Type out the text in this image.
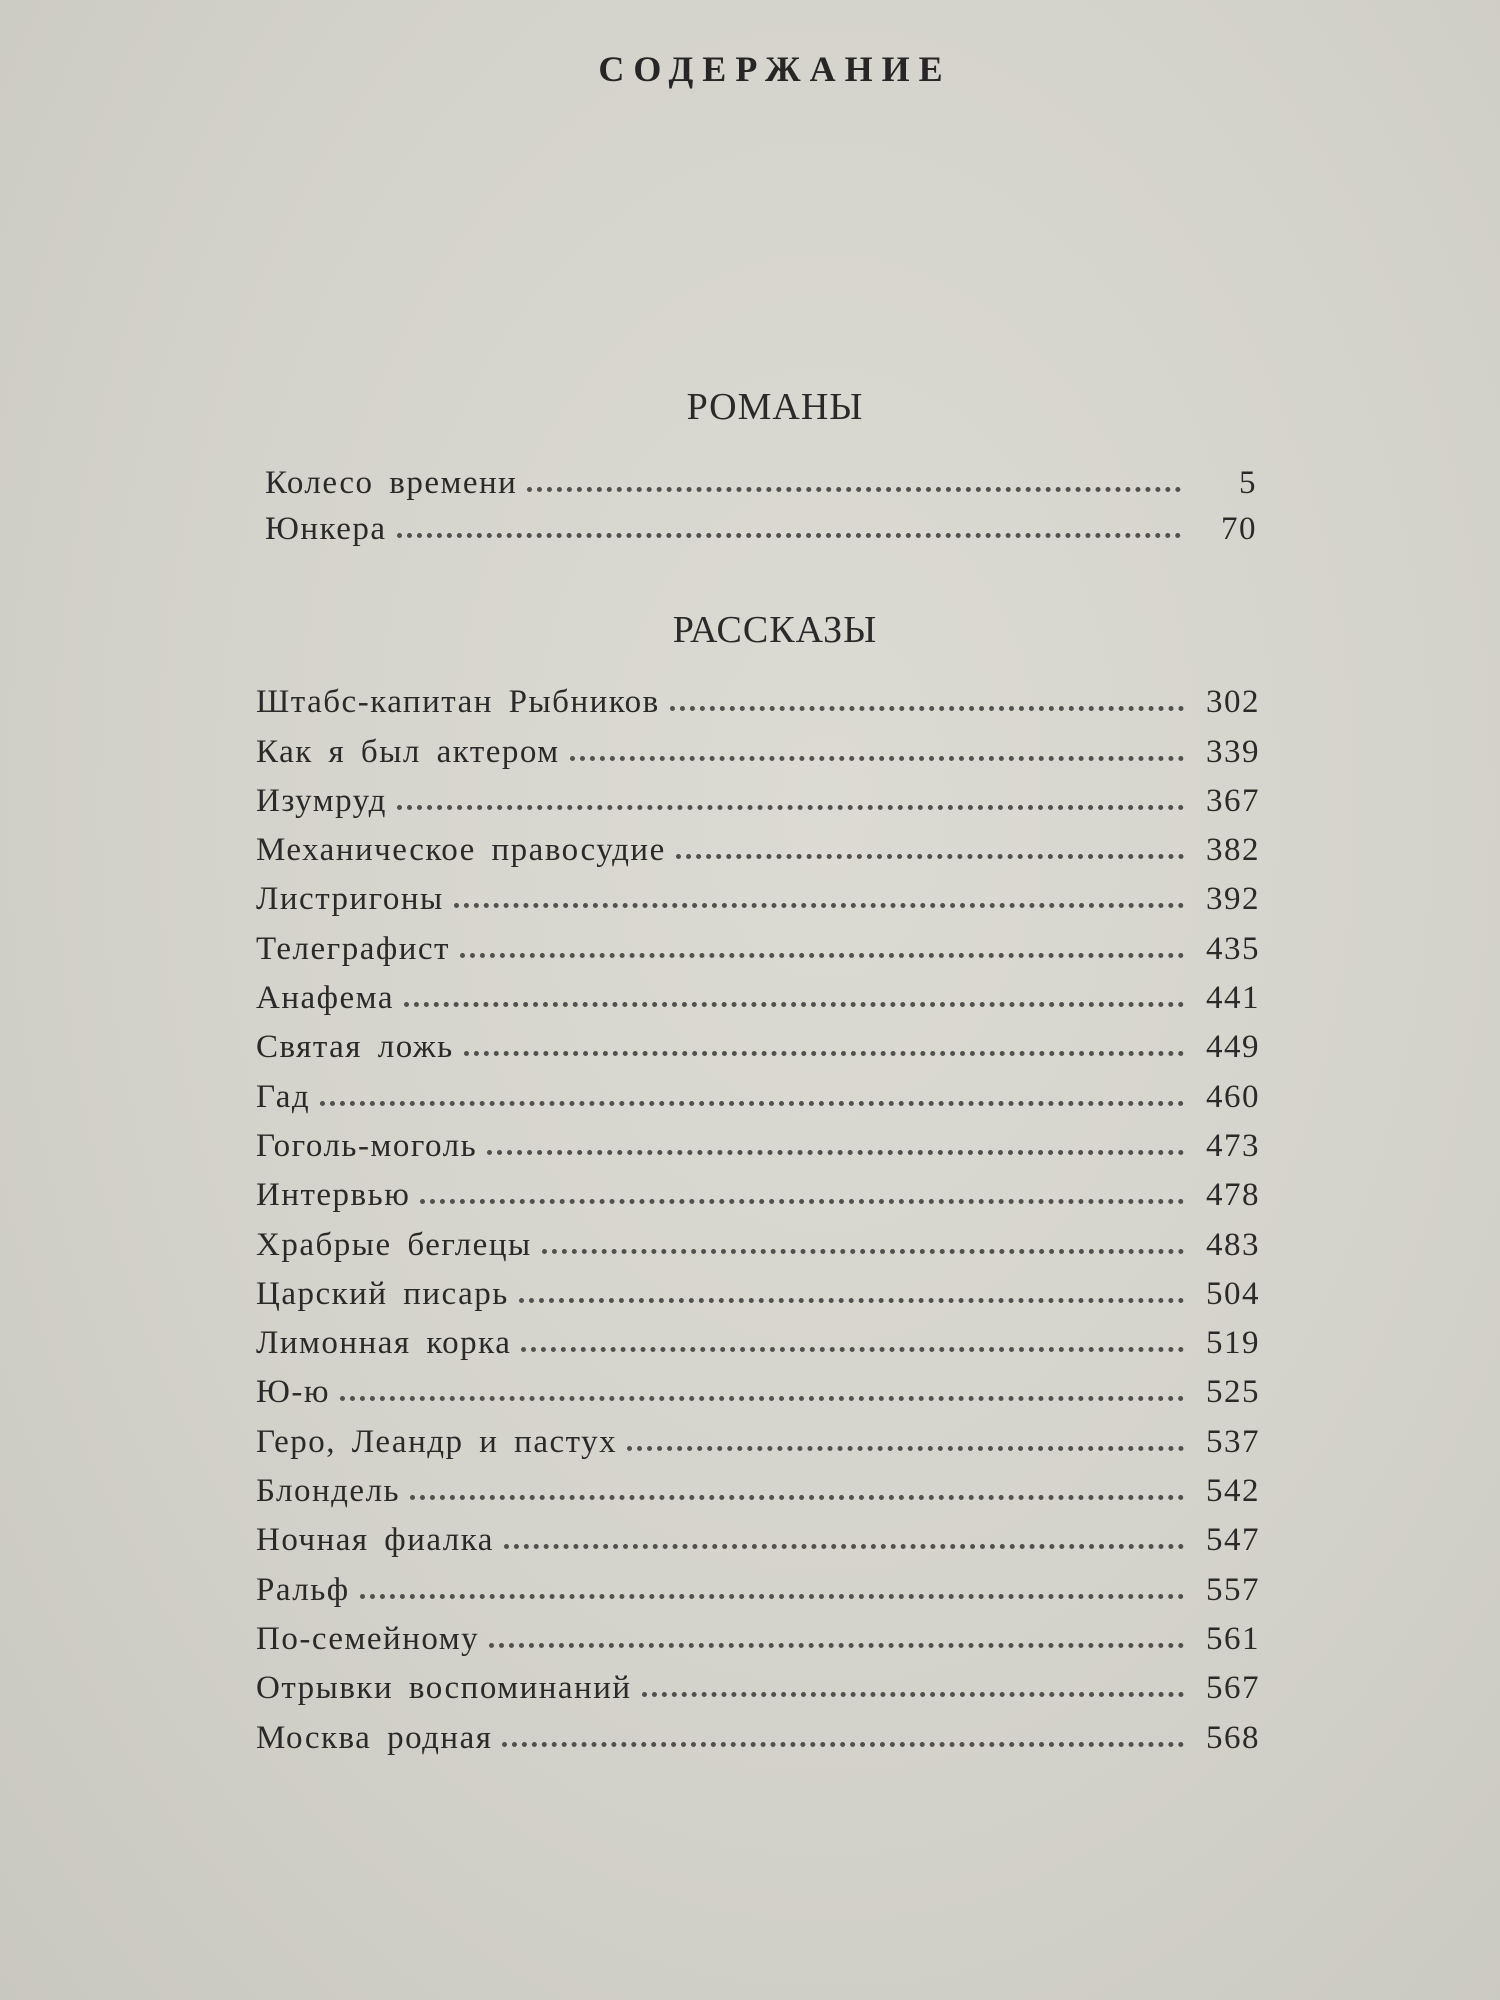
СОДЕРЖАНИЕ
РОМАНЫ
Колесо времени	5
Юнкера	70
РАССКАЗЫ
Штабс-капитан Рыбников	302
Как я был актером	339
Изумруд	367
Механическое правосудие	382
Листригоны	392
Телеграфист	435
Анафема	441
Святая ложь	449
Гад	460
Гоголь-моголь	473
Интервью	478
Храбрые беглецы	483
Царский писарь	504
Лимонная корка	519
Ю-ю	525
Геро, Леандр и пастух	537
Блондель	542
Ночная фиалка	547
Ральф	557
По-семейному	561
Отрывки воспоминаний	567
Москва родная	568
